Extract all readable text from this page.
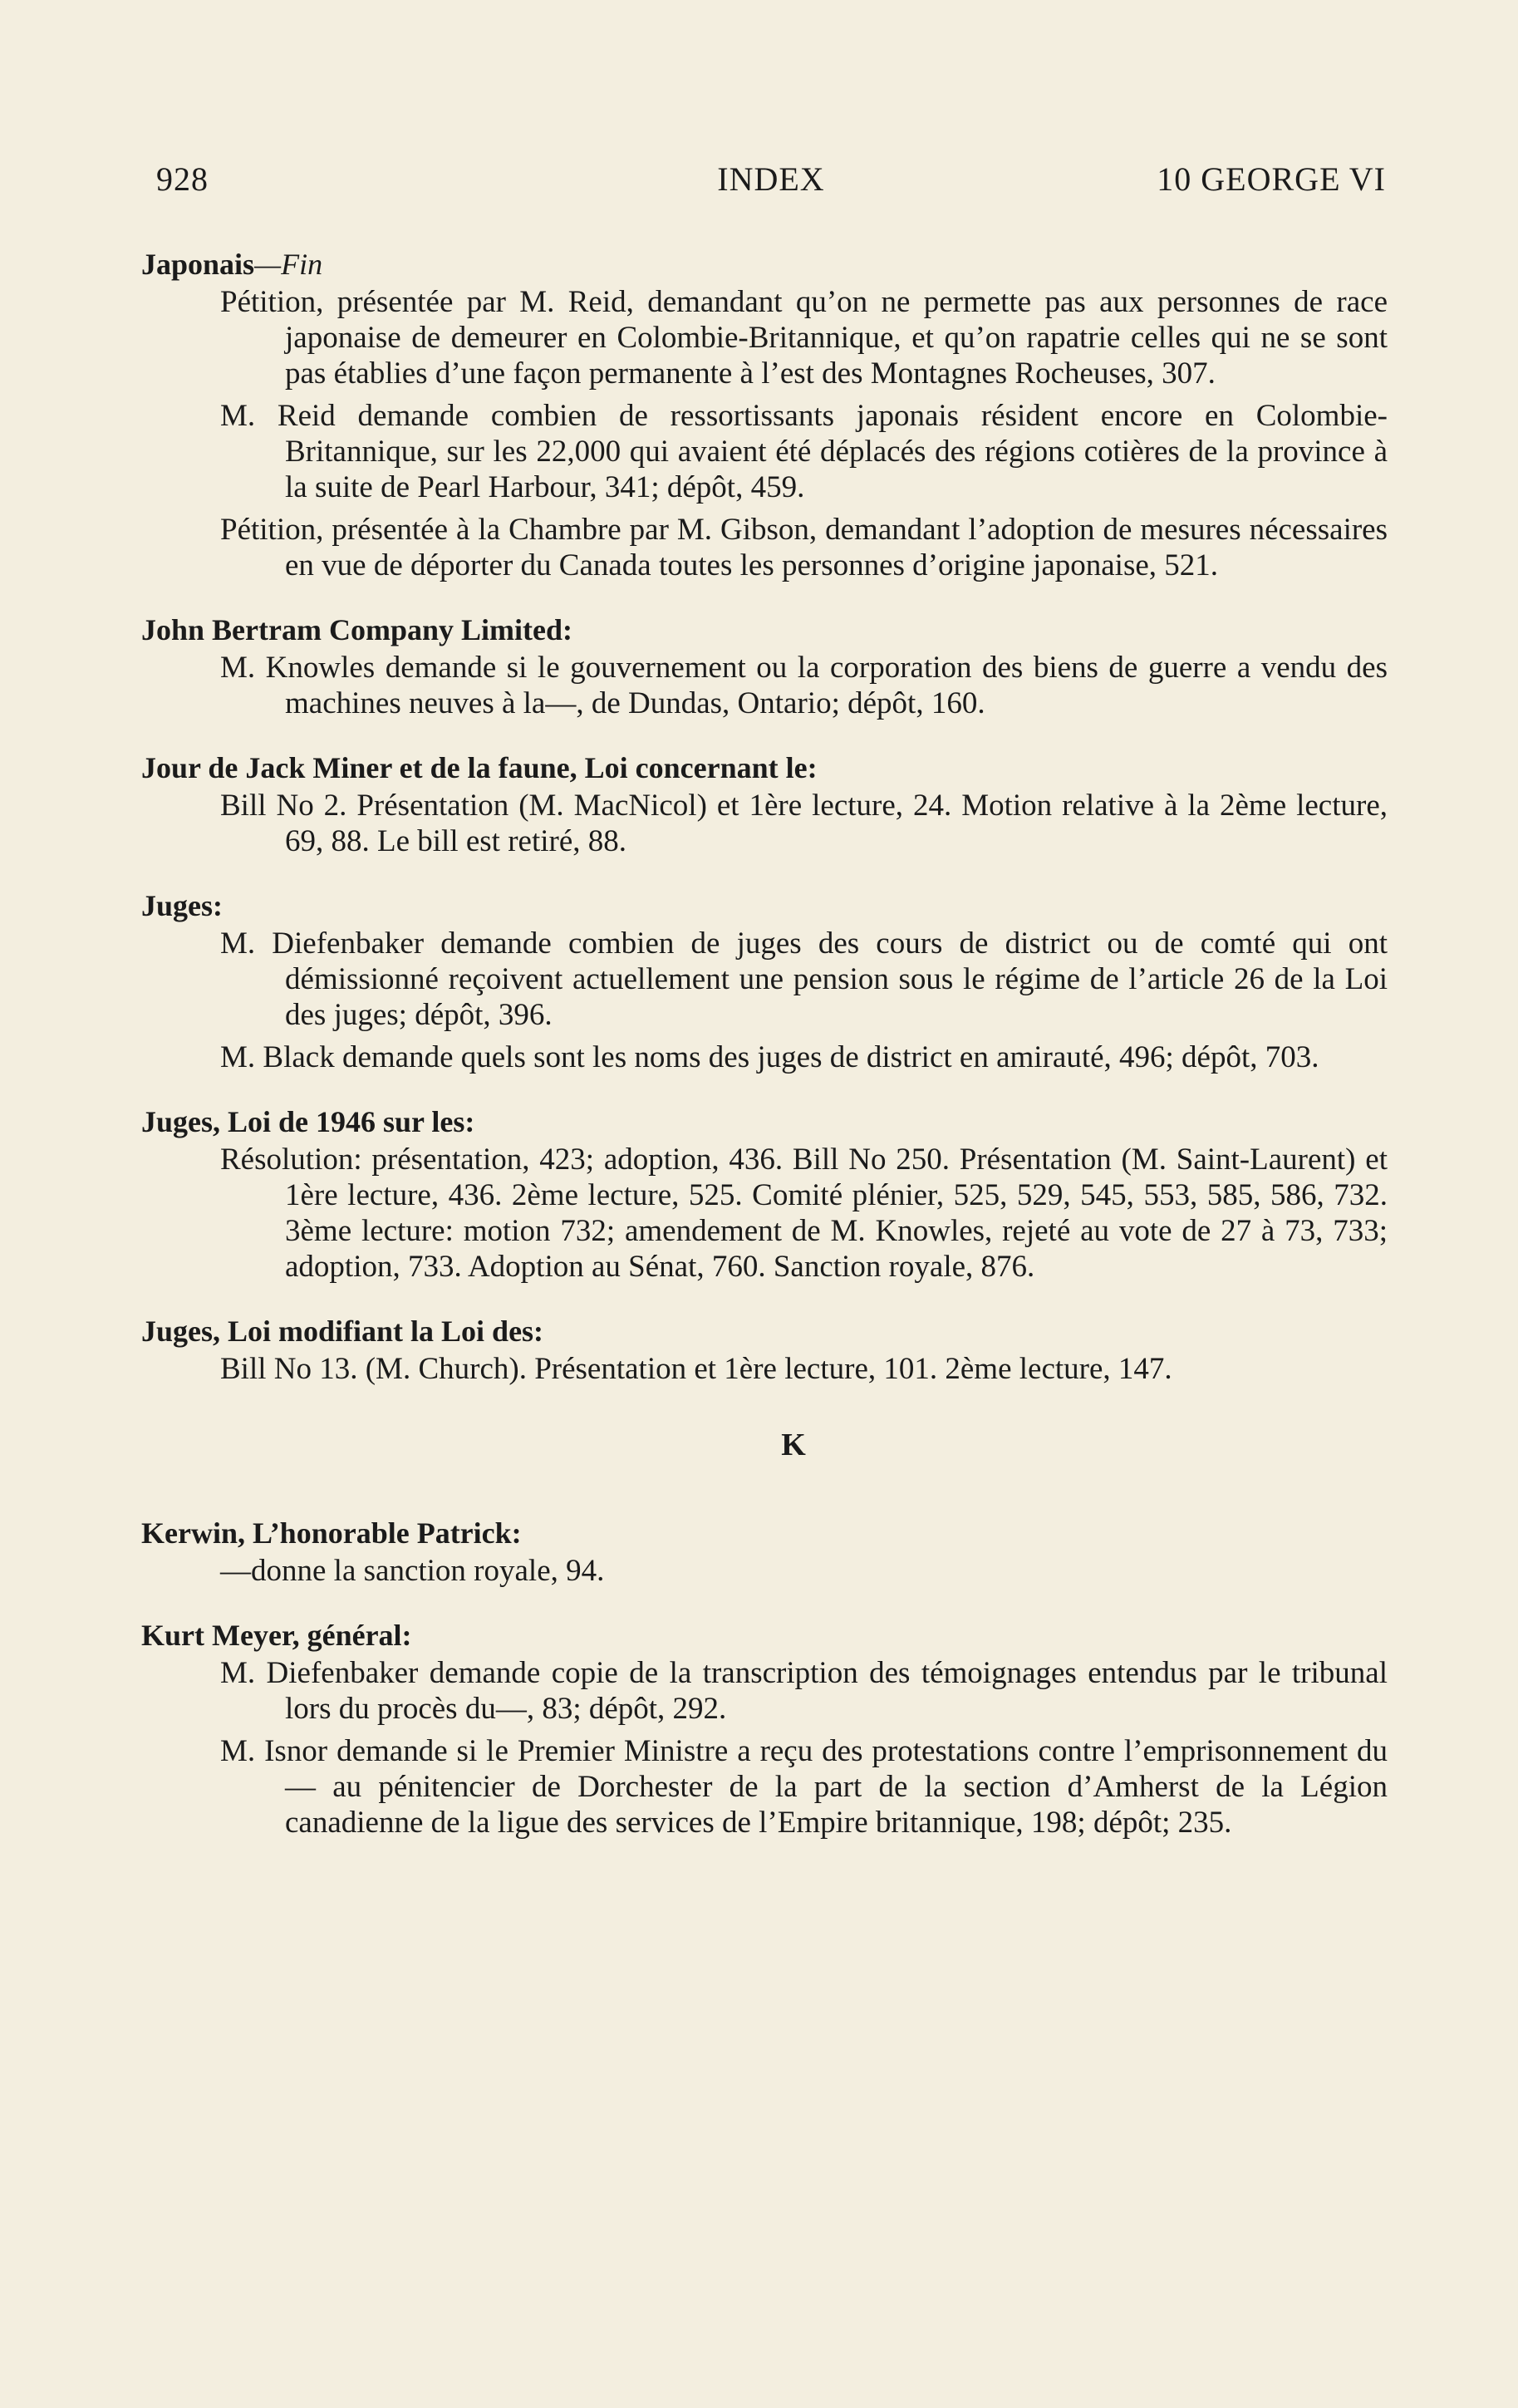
928	INDEX	10 GEORGE VI
Japonais—Fin
Pétition, présentée par M. Reid, demandant qu’on ne permette pas aux personnes de race japonaise de demeurer en Colombie-Britannique, et qu’on rapatrie celles qui ne se sont pas établies d’une façon permanente à l’est des Montagnes Rocheuses, 307.
M. Reid demande combien de ressortissants japonais résident encore en Colombie-Britannique, sur les 22,000 qui avaient été déplacés des régions cotières de la province à la suite de Pearl Harbour, 341; dépôt, 459.
Pétition, présentée à la Chambre par M. Gibson, demandant l’adoption de mesures nécessaires en vue de déporter du Canada toutes les personnes d’origine japonaise, 521.
John Bertram Company Limited:
M. Knowles demande si le gouvernement ou la corporation des biens de guerre a vendu des machines neuves à la—, de Dundas, Ontario; dépôt, 160.
Jour de Jack Miner et de la faune, Loi concernant le:
Bill No 2. Présentation (M. MacNicol) et 1ère lecture, 24. Motion relative à la 2ème lecture, 69, 88. Le bill est retiré, 88.
Juges:
M. Diefenbaker demande combien de juges des cours de district ou de comté qui ont démissionné reçoivent actuellement une pension sous le régime de l’article 26 de la Loi des juges; dépôt, 396.
M. Black demande quels sont les noms des juges de district en amirauté, 496; dépôt, 703.
Juges, Loi de 1946 sur les:
Résolution: présentation, 423; adoption, 436. Bill No 250. Présentation (M. Saint-Laurent) et 1ère lecture, 436. 2ème lecture, 525. Comité plénier, 525, 529, 545, 553, 585, 586, 732. 3ème lecture: motion 732; amendement de M. Knowles, rejeté au vote de 27 à 73, 733; adoption, 733. Adoption au Sénat, 760. Sanction royale, 876.
Juges, Loi modifiant la Loi des:
Bill No 13. (M. Church). Présentation et 1ère lecture, 101. 2ème lecture, 147.
K
Kerwin, L’honorable Patrick:
—donne la sanction royale, 94.
Kurt Meyer, général:
M. Diefenbaker demande copie de la transcription des témoignages entendus par le tribunal lors du procès du—, 83; dépôt, 292.
M. Isnor demande si le Premier Ministre a reçu des protestations contre l’emprisonnement du— au pénitencier de Dorchester de la part de la section d’Amherst de la Légion canadienne de la ligue des services de l’Empire britannique, 198; dépôt; 235.
